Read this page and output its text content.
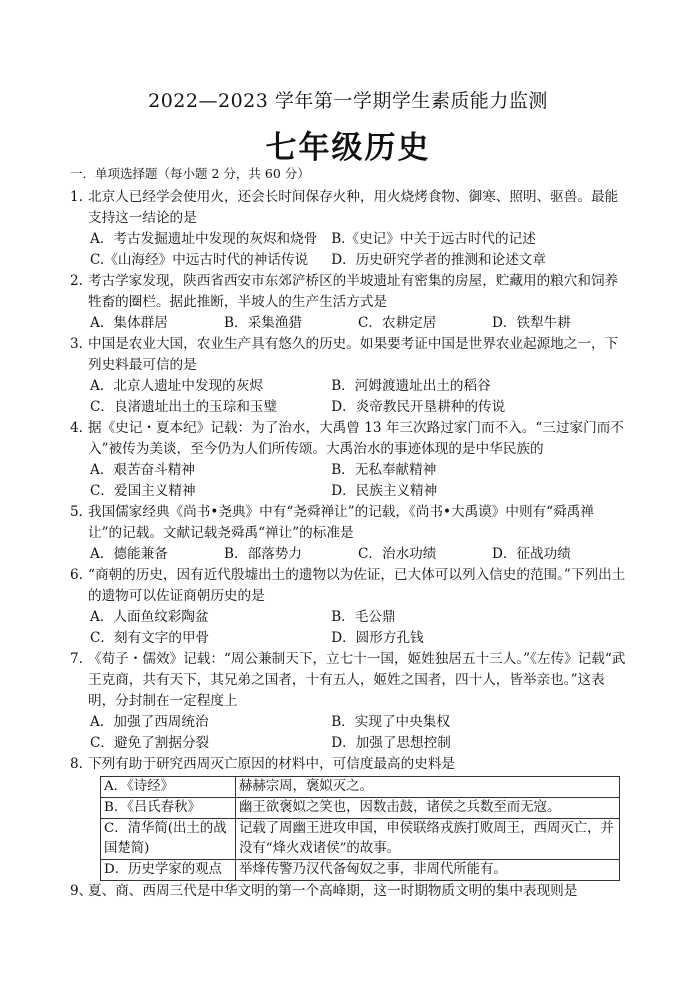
2022—2023 学年第一学期学生素质能力监测
七年级历史
一．单项选择题（每小题 2 分，共 60 分）
1. 北京人已经学会使用火，还会长时间保存火种，用火烧烤食物、御寒、照明、驱兽。最能支持这一结论的是
A．考古发掘遗址中发现的灰烬和烧骨	B.《史记》中关于远古时代的记述
C.《山海经》中远古时代的神话传说	D．历史研究学者的推测和论述文章
2. 考古学家发现，陕西省西安市东郊浐桥区的半坡遗址有密集的房屋，贮藏用的粮穴和饲养牲畜的圈栏。据此推断，半坡人的生产生活方式是
A．集体群居	B．采集渔猎	C．农耕定居	D．铁犁牛耕
3. 中国是农业大国，农业生产具有悠久的历史。如果要考证中国是世界农业起源地之一，下列史料最可信的是
A．北京人遗址中发现的灰烬	B．河姆渡遗址出土的稻谷
C．良渚遗址出土的玉琮和玉璧	D．炎帝教民开垦耕种的传说
4. 据《史记・夏本纪》记载：为了治水，大禹曾 13 年三次路过家门而不入。“三过家门而不入”被传为美谈，至今仍为人们所传颂。大禹治水的事迹体现的是中华民族的
A．艰苦奋斗精神	B．无私奉献精神
C．爱国主义精神	D．民族主义精神
5. 我国儒家经典《尚书•尧典》中有“尧舜禅让”的记载，《尚书•大禹谟》中则有“舜禹禅让”的记载。文献记载尧舜禹“禅让”的标准是
A．德能兼备	B．部落势力	C．治水功绩	D．征战功绩
6. “商朝的历史，因有近代殷墟出土的遗物以为佐证，已大体可以列入信史的范围。”下列出土的遗物可以佐证商朝历史的是
A．人面鱼纹彩陶盆	B．毛公鼎
C．刻有文字的甲骨	D．圆形方孔钱
7. 《荀子・儒效》记载：“周公兼制天下，立七十一国，姬姓独居五十三人。”《左传》记载“武王克商，共有天下，其兄弟之国者，十有五人，姬姓之国者，四十人，皆举亲也。”这表明，分封制在一定程度上
A．加强了西周统治	B．实现了中央集权
C．避免了割据分裂	D．加强了思想控制
8. 下列有助于研究西周灭亡原因的材料中，可信度最高的史料是
A．《诗经》	赫赫宗周，褒姒灭之。
B．《吕氏春秋》	幽王欲褒姒之笑也，因数击鼓，诸侯之兵数至而无寇。
C．清华简(出土的战国楚简)	记载了周幽王进攻申国，申侯联络戎族打败周王，西周灭亡，并没有“烽火戏诸侯”的故事。
D．历史学家的观点	举烽传警乃汉代备匈奴之事，非周代所能有。
9、
夏、商、西周三代是中华文明的第一个高峰期，这一时期物质文明的集中表现则是
